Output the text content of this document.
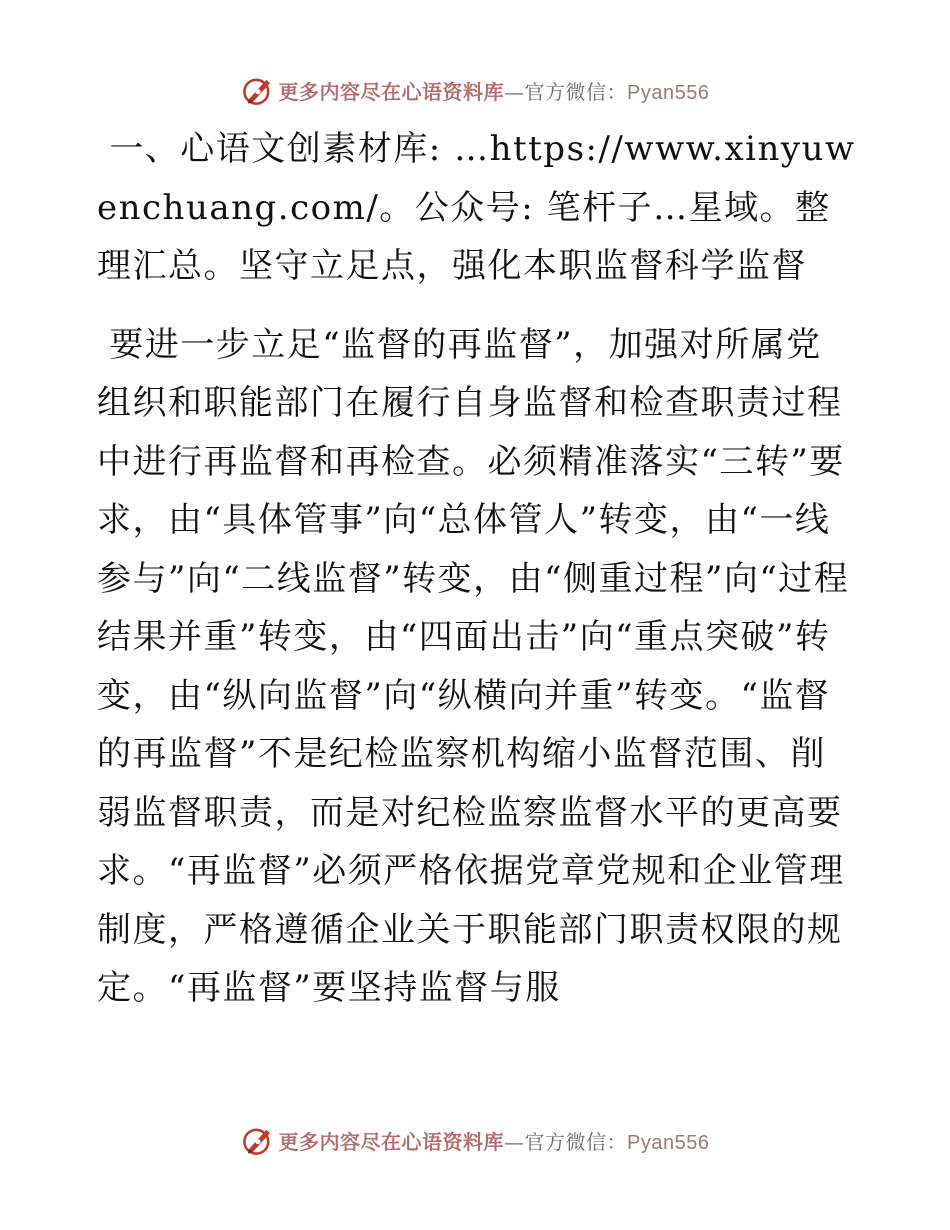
更多内容尽在心语资料库—官方微信：Pyan556

一、心语文创素材库: …https://www.xinyuwenchuang.com/。公众号: 笔杆子…星域。整理汇总。坚守立足点，强化本职监督科学监督

要进一步立足“监督的再监督”，加强对所属党组织和职能部门在履行自身监督和检查职责过程中进行再监督和再检查。必须精准落实“三转”要求，由“具体管事”向“总体管人”转变，由“一线参与”向“二线监督”转变，由“侧重过程”向“过程结果并重”转变，由“四面出击”向“重点突破”转变，由“纵向监督”向“纵横向并重”转变。“监督的再监督”不是纪检监察机构缩小监督范围、削弱监督职责，而是对纪检监察监督水平的更高要求。“再监督”必须严格依据党章党规和企业管理制度，严格遵循企业关于职能部门职责权限的规定。“再监督”要坚持监督与服

更多内容尽在心语资料库—官方微信：Pyan556
